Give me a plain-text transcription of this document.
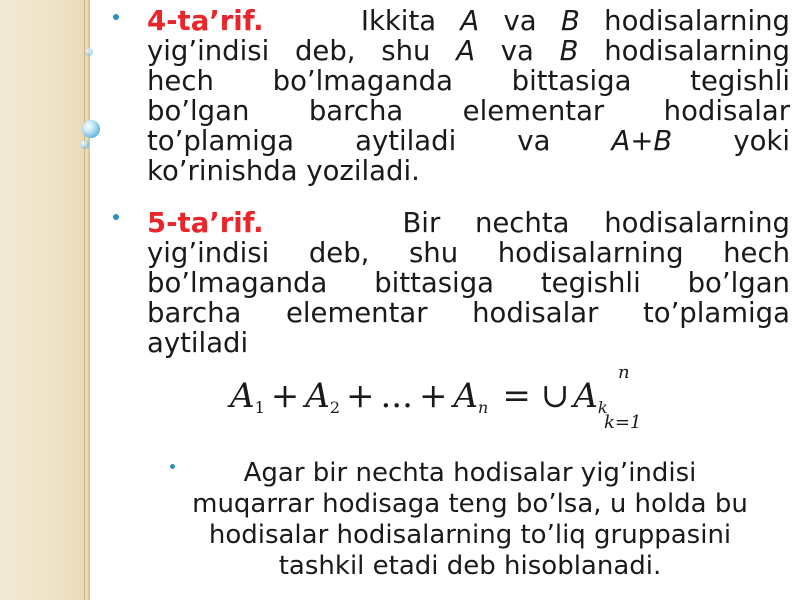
4-ta’rif.	Ikkita A va B hodisalarning
yig’indisi deb, shu A va B hodisalarning
hech bo’lmaganda bittasiga tegishli
bo’lgan barcha elementar hodisalar
to’plamiga aytiladi va A+B yoki
ko’rinishda yoziladi.
5-ta’rif.	Bir nechta hodisalarning
yig’indisi deb, shu hodisalarning hech
bo’lmaganda bittasiga tegishli bo’lgan
barcha elementar hodisalar to’plamiga
aytiladi
n
$A_1 + A_2$ + ... + $A_n$ = ∪ $A_k$
k=1
Agar bir nechta hodisalar yig’indisi
muqarrar hodisaga teng bo’lsa, u holda bu
hodisalar hodisalarning to’liq gruppasini
tashkil etadi deb hisoblanadi.
